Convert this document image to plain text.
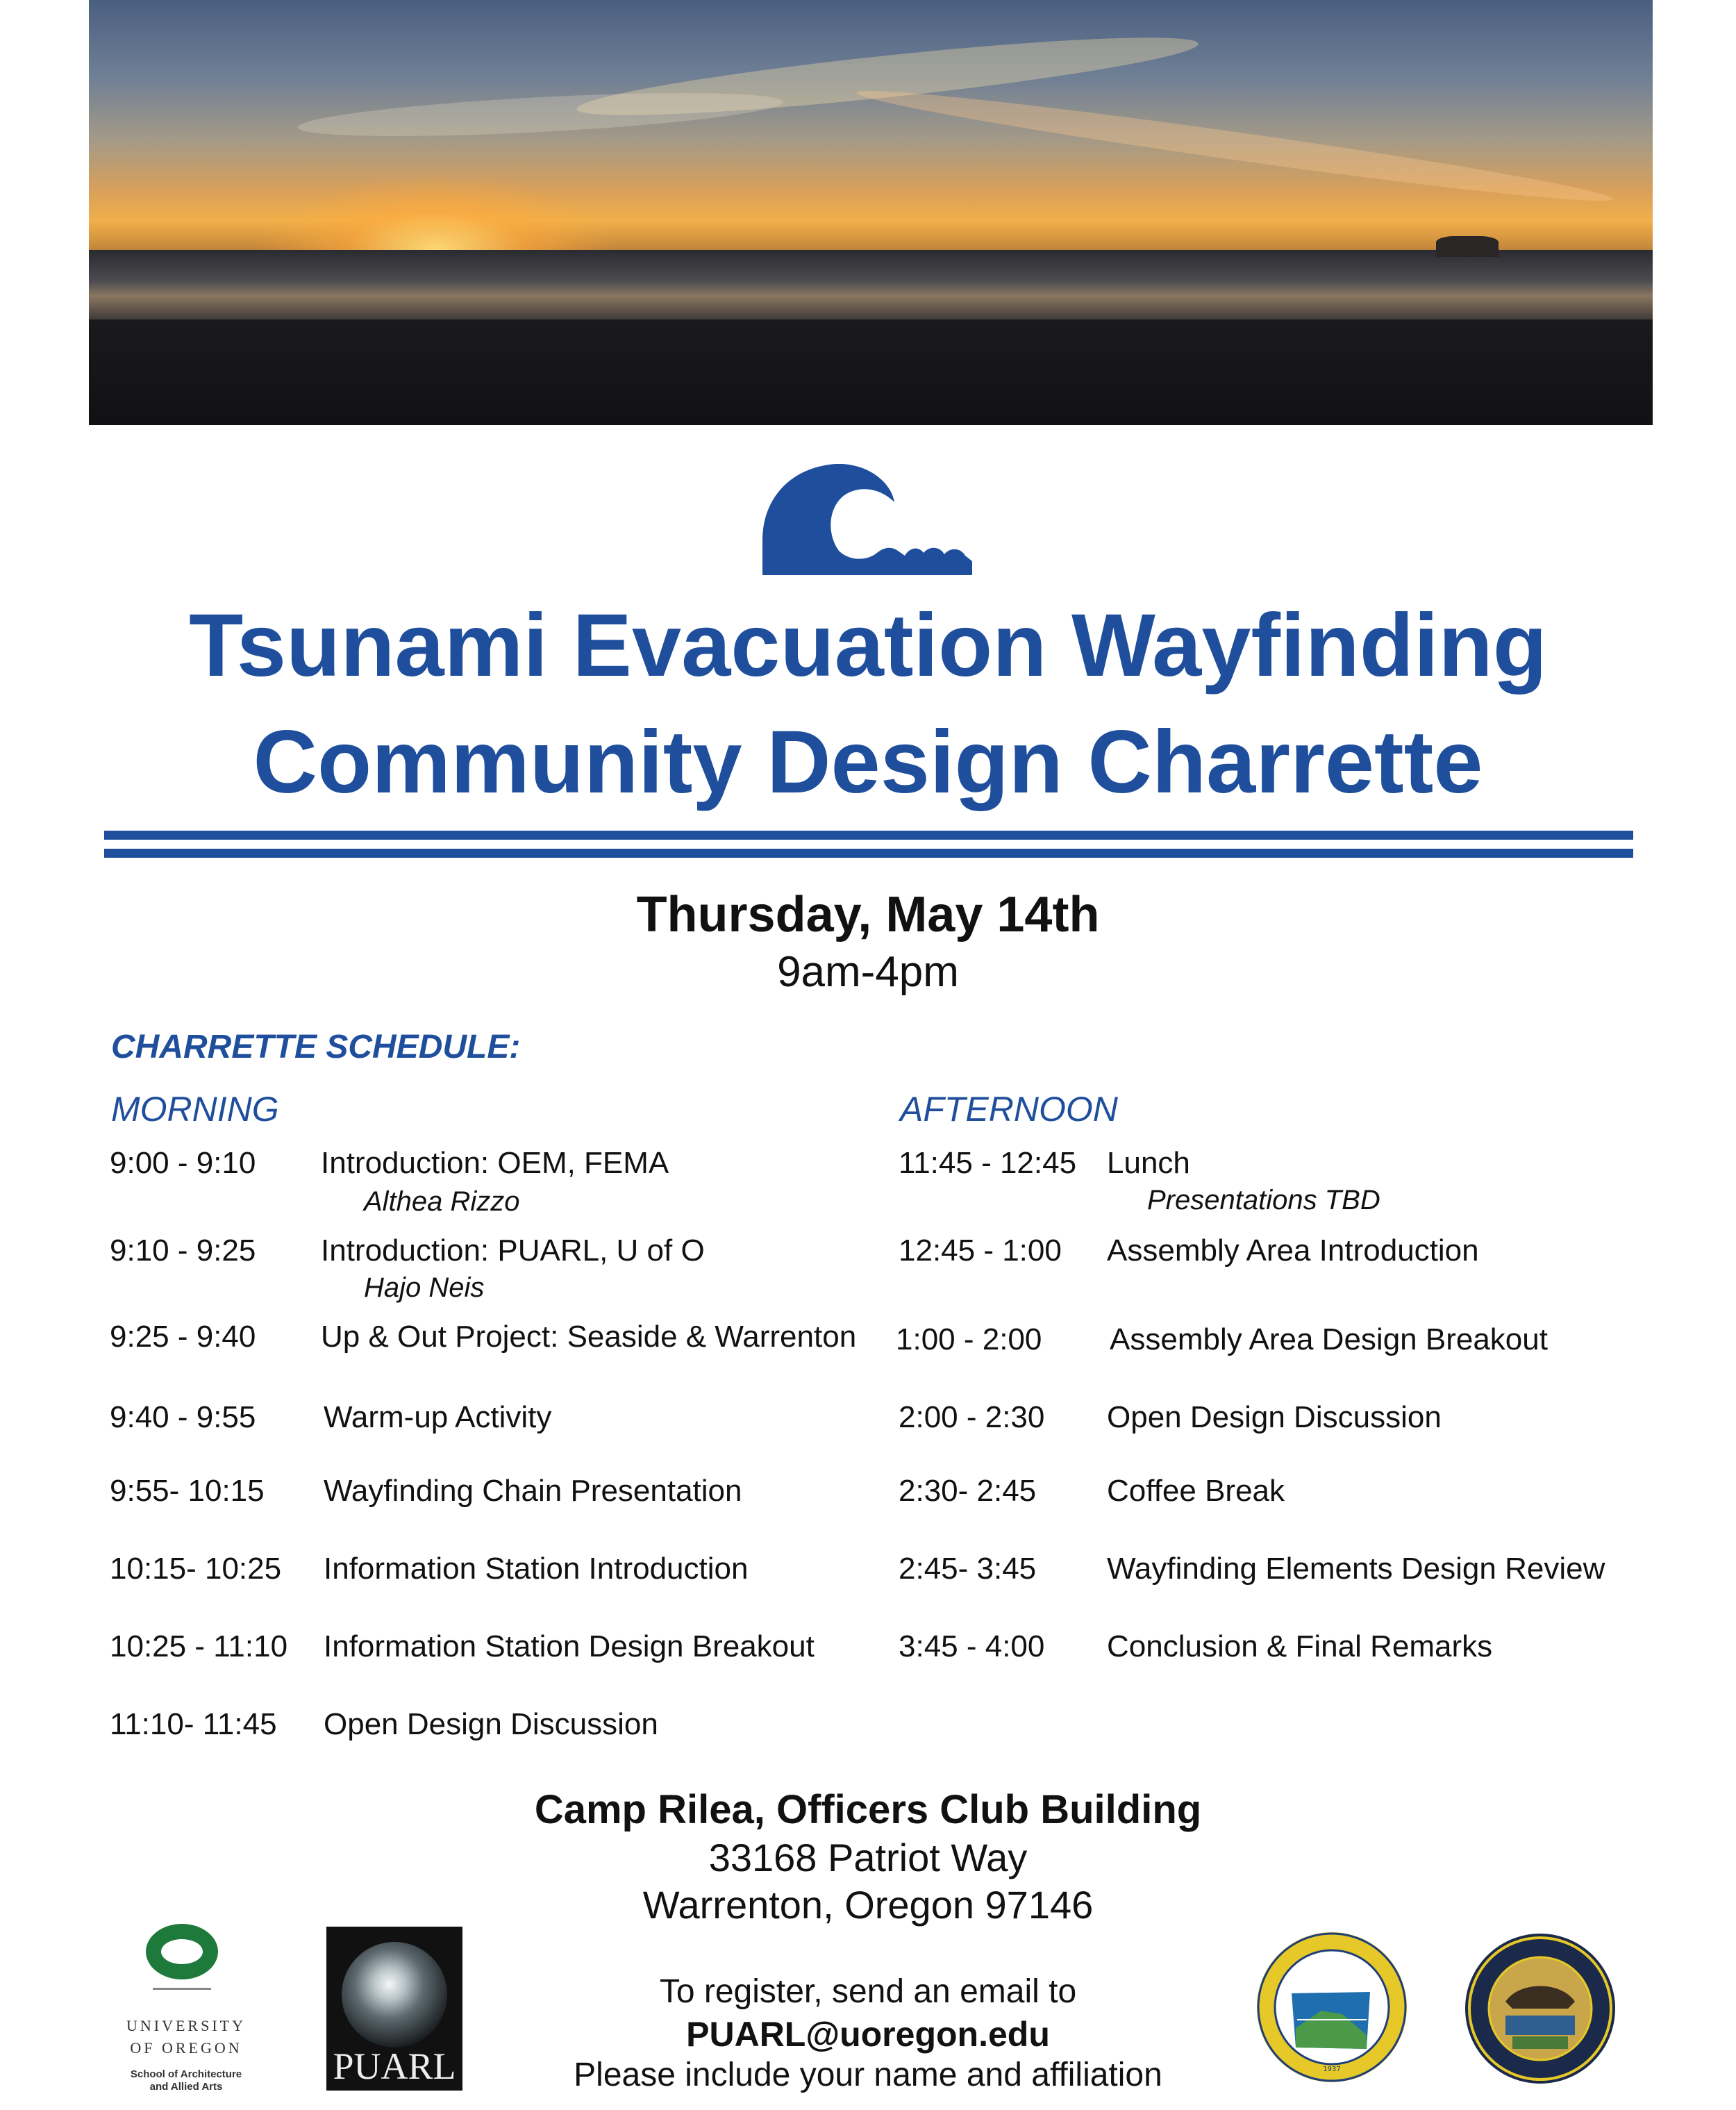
Tsunami Evacuation Wayfinding
Community Design Charrette
Thursday, May 14th
9am-4pm
CHARRETTE SCHEDULE:
MORNING	AFTERNOON
9:00 - 9:10 Introduction: OEM, FEMA
Althea Rizzo
9:10 - 9:25 Introduction: PUARL, U of O
Hajo Neis
9:25 - 9:40 Up & Out Project: Seaside & Warrenton
9:40 - 9:55 Warm-up Activity
9:55- 10:15 Wayfinding Chain Presentation
10:15- 10:25 Information Station Introduction
10:25 - 11:10 Information Station Design Breakout
11:10- 11:45 Open Design Discussion
11:45 - 12:45 Lunch
Presentations TBD
12:45 - 1:00 Assembly Area Introduction
1:00 - 2:00 Assembly Area Design Breakout
2:00 - 2:30 Open Design Discussion
2:30- 2:45 Coffee Break
2:45- 3:45 Wayfinding Elements Design Review
3:45 - 4:00 Conclusion & Final Remarks
Camp Rilea, Officers Club Building
33168 Patriot Way
Warrenton, Oregon 97146
To register, send an email to
PUARL@uoregon.edu
Please include your name and affiliation
UNIVERSITY
OF OREGON
School of Architecture
and Allied Arts	PUARL	1937
